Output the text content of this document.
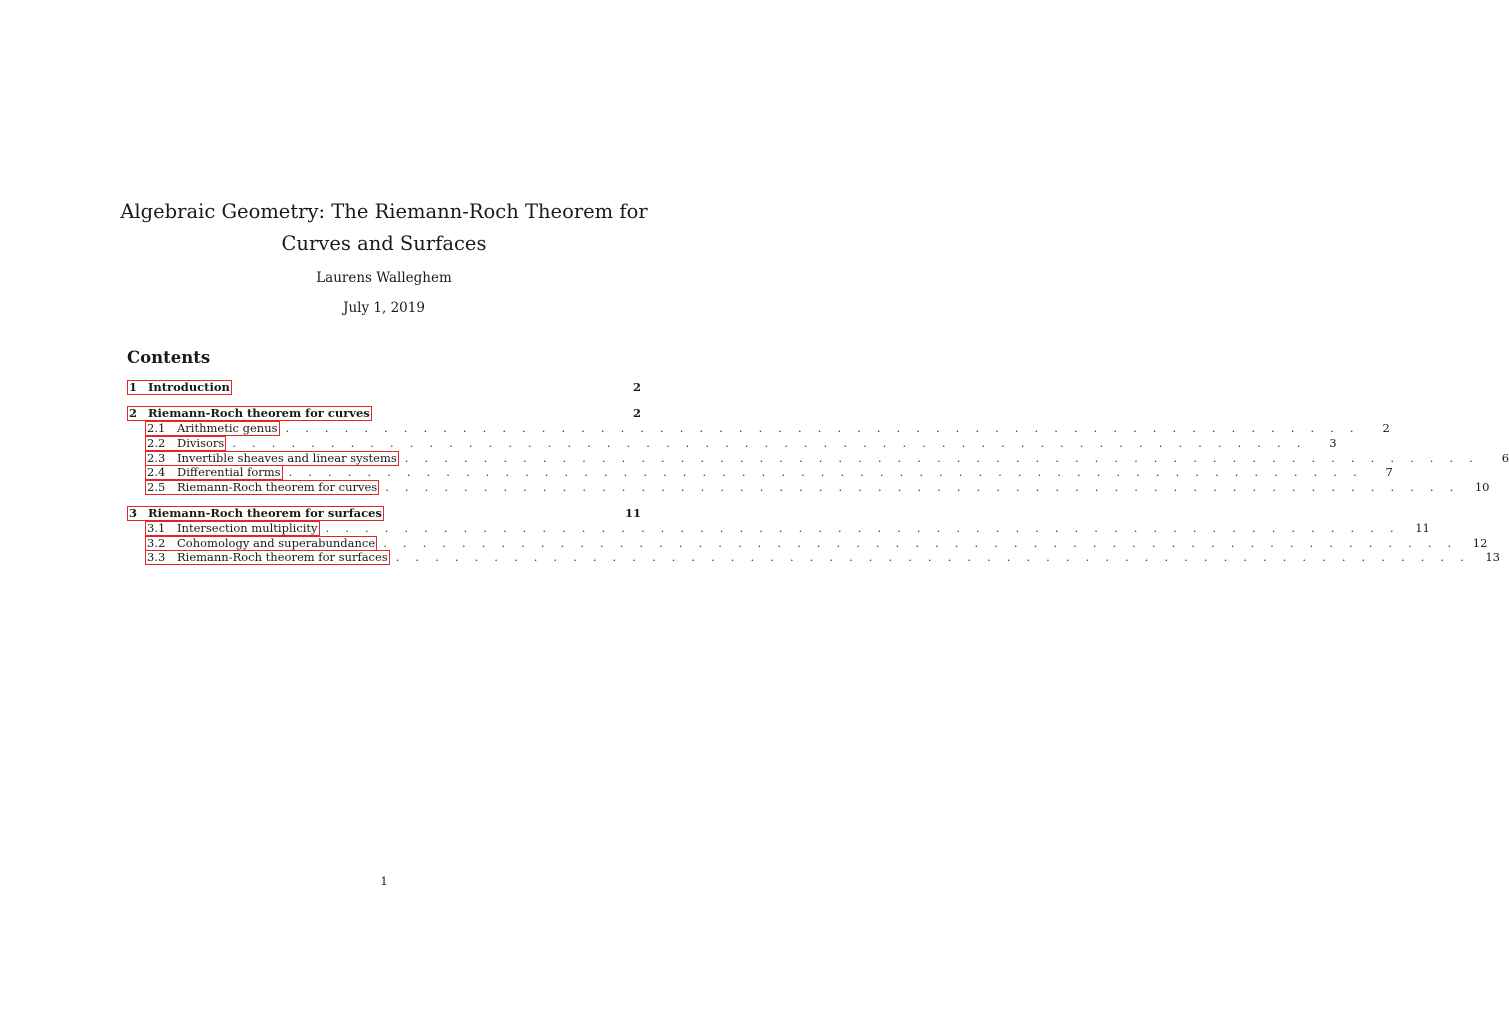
Algebraic Geometry: The Riemann-Roch Theorem for
Curves and Surfaces
Laurens Walleghem
July 1, 2019
Contents
1 Introduction	2
2 Riemann-Roch theorem for curves	2
2.1	Arithmetic genus . . . . . . . . . . . . . . . . . . . . . . . . . . . . . . . . . . . . . . . . . . . . . . . . . . . . . . .	2
2.2	Divisors . . . . . . . . . . . . . . . . . . . . . . . . . . . . . . . . . . . . . . . . . . . . . . . . . . . . . . .	3
2.3	Invertible sheaves and linear systems . . . . . . . . . . . . . . . . . . . . . . . . . . . . . . . . . . . . . . . . . . . . . . . . . . . . . . .	6
2.4	Differential forms . . . . . . . . . . . . . . . . . . . . . . . . . . . . . . . . . . . . . . . . . . . . . . . . . . . . . . .	7
2.5	Riemann-Roch theorem for curves . . . . . . . . . . . . . . . . . . . . . . . . . . . . . . . . . . . . . . . . . . . . . . . . . . . . . . .	10
3 Riemann-Roch theorem for surfaces	11
3.1	Intersection multiplicity . . . . . . . . . . . . . . . . . . . . . . . . . . . . . . . . . . . . . . . . . . . . . . . . . . . . . . .	11
3.2	Cohomology and superabundance . . . . . . . . . . . . . . . . . . . . . . . . . . . . . . . . . . . . . . . . . . . . . . . . . . . . . . .	12
3.3	Riemann-Roch theorem for surfaces . . . . . . . . . . . . . . . . . . . . . . . . . . . . . . . . . . . . . . . . . . . . . . . . . . . . . . .	13
1
